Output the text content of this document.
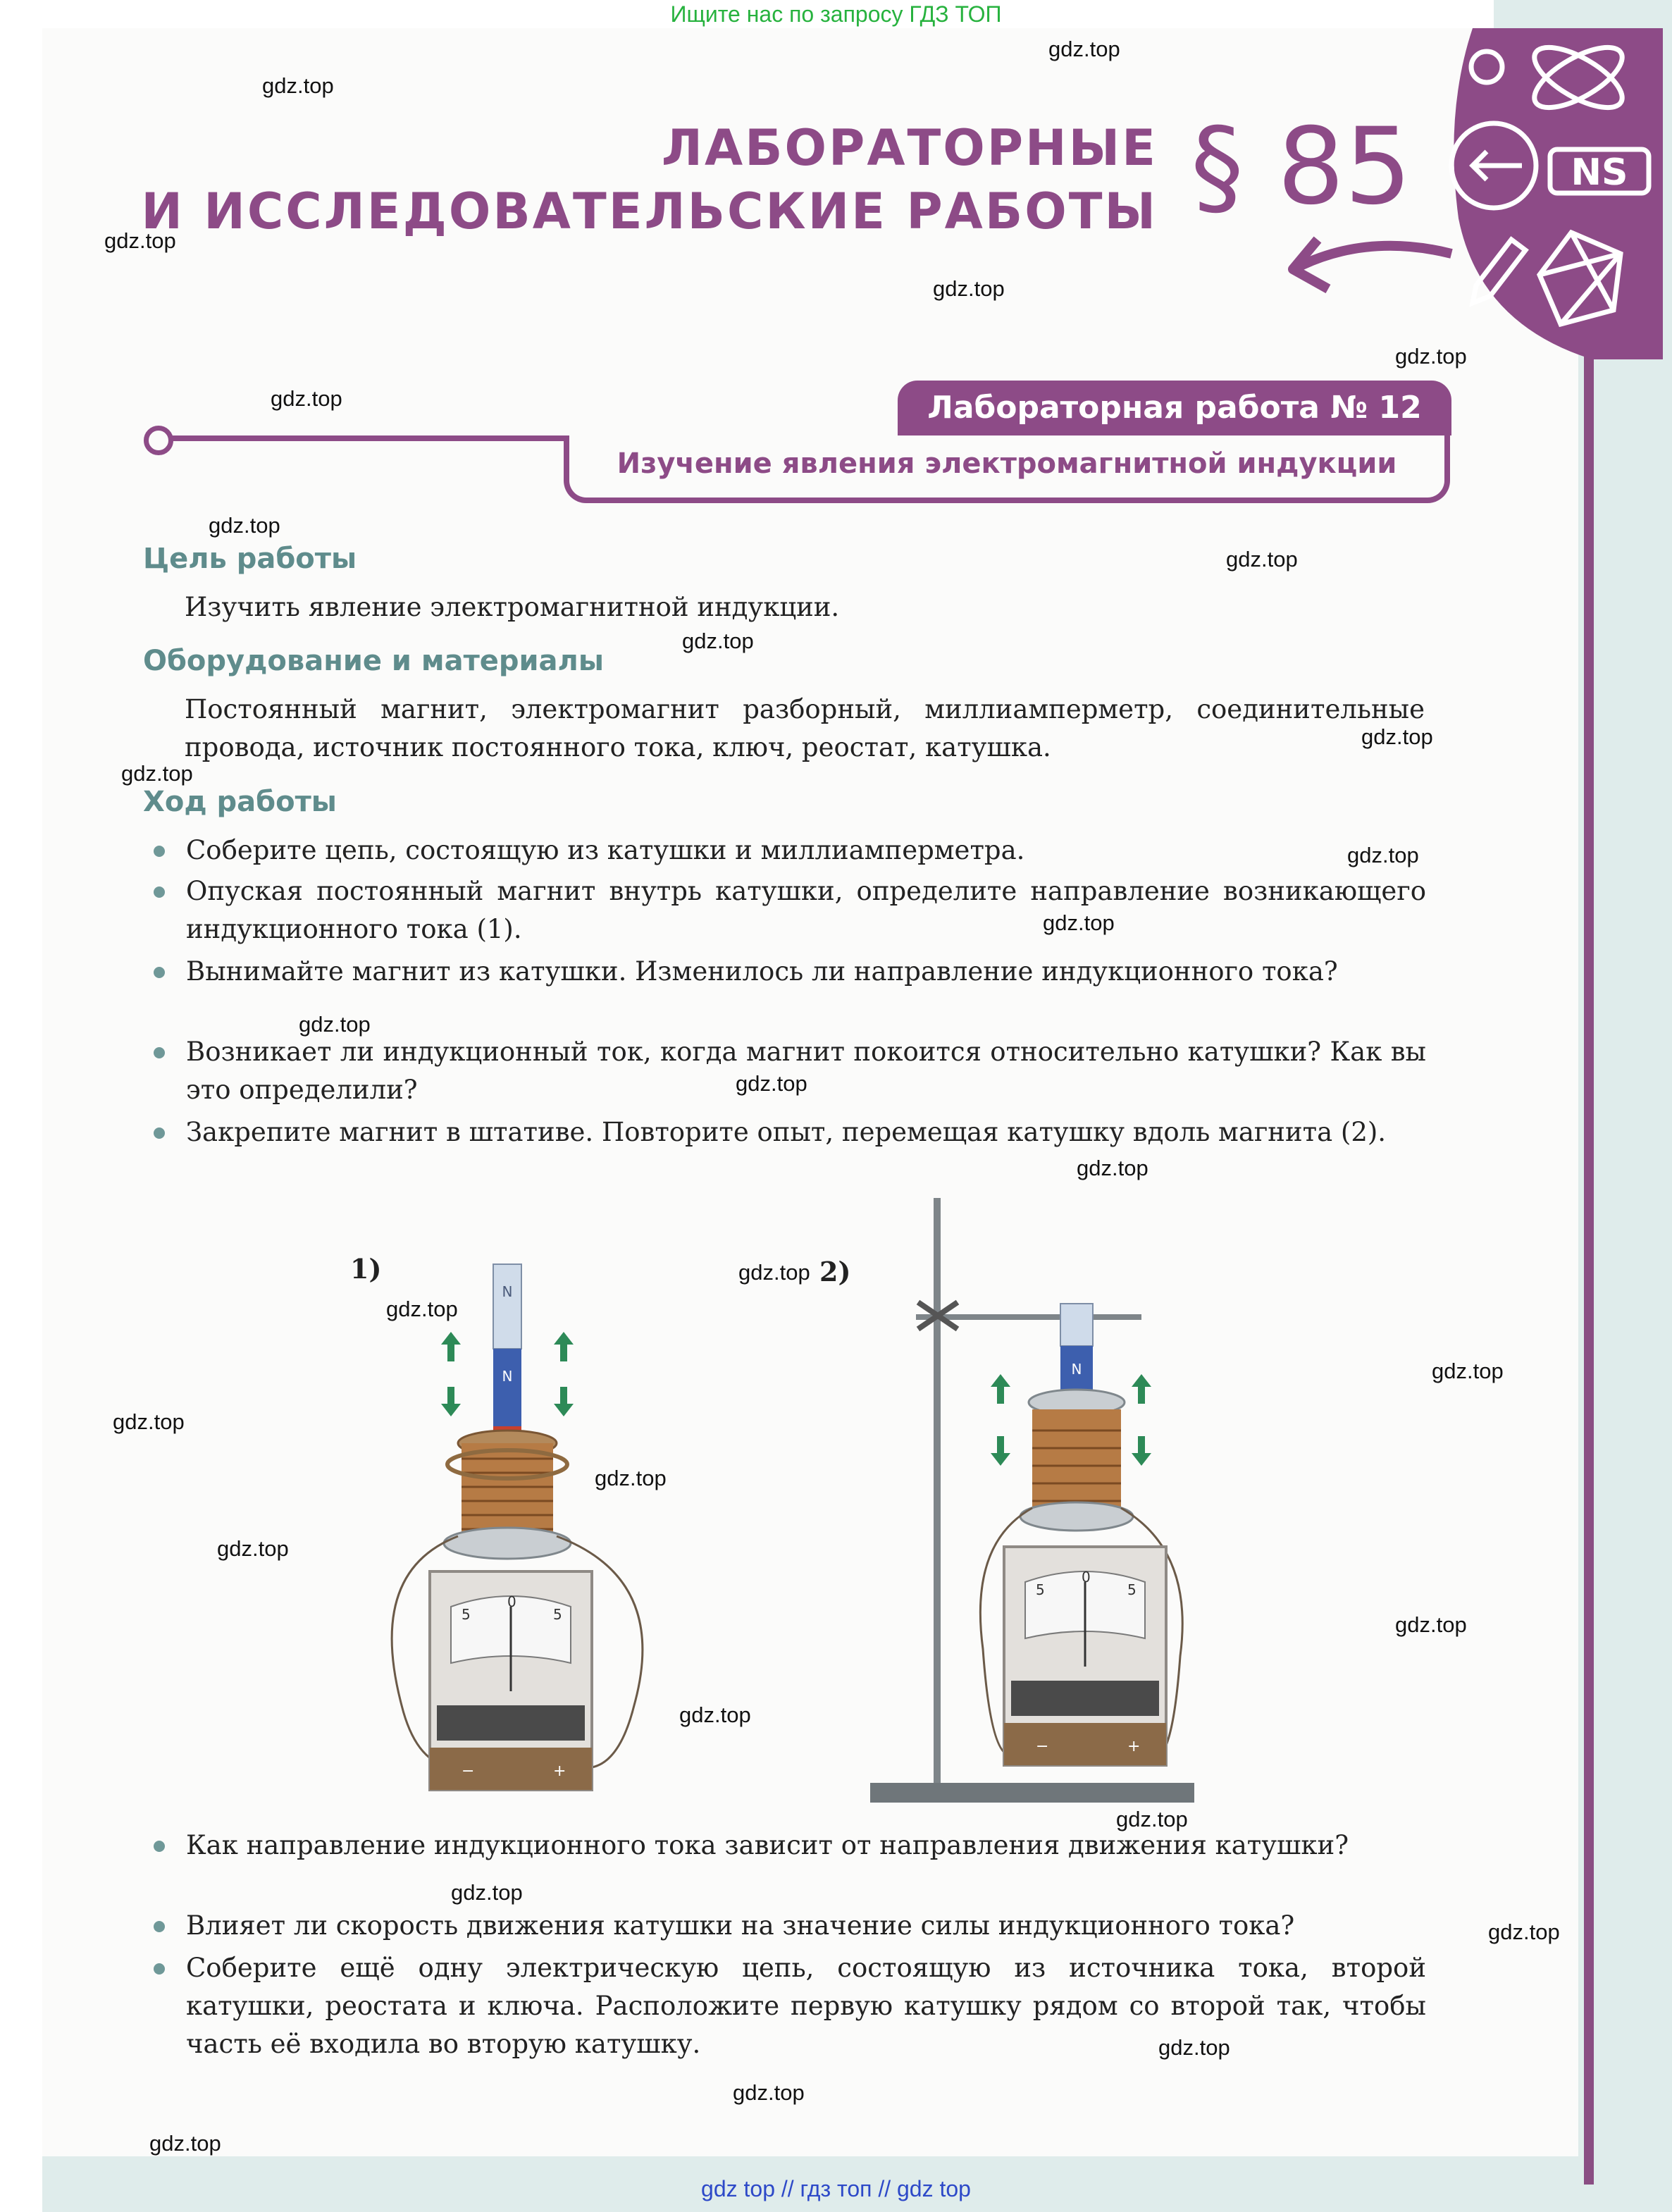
Ищите нас по запросу ГДЗ ТОП
NS
ЛАБОРАТОРНЫЕ
И ИССЛЕДОВАТЕЛЬСКИЕ РАБОТЫ § 85
Лабораторная работа № 12
Изучение явления электромагнитной индукции
Цель работы
Изучить явление электромагнитной индукции.
Оборудование и материалы
Постоянный магнит, электромагнит разборный, миллиамперметр, соединительные провода, источник постоянного тока, ключ, реостат, катушка.
Ход работы
Соберите цепь, состоящую из катушки и миллиамперметра.
Опуская постоянный магнит внутрь катушки, определите направление возникающего индукционного тока (1).
Вынимайте магнит из катушки. Изменилось ли направление индукционного тока?
Возникает ли индукционный ток, когда магнит покоится относительно катушки? Как вы это определили?
Закрепите магнит в штативе. Повторите опыт, перемещая катушку вдоль магнита (2).
1)	2)
N
N
5
0
5
−	+
N
5
0
5
−	+
Как направление индукционного тока зависит от направления движения катушки?
Влияет ли скорость движения катушки на значение силы индукционного тока?
Соберите ещё одну электрическую цепь, состоящую из источника тока, второй катушки, реостата и ключа. Расположите первую катушку рядом со второй так, чтобы часть её входила во вторую катушку.
gdz.top
gdz.top
gdz.top
gdz.top
gdz.top
gdz.top
gdz.top
gdz.top
gdz.top
gdz.top
gdz.top
gdz.top
gdz.top
gdz.top
gdz.top
gdz.top
gdz.top
gdz.top
gdz.top
gdz.top
gdz.top
gdz.top
gdz.top
gdz.top
gdz.top
gdz.top
gdz.top
gdz.top
gdz.top
gdz.top
gdz top // гдз топ // gdz top
